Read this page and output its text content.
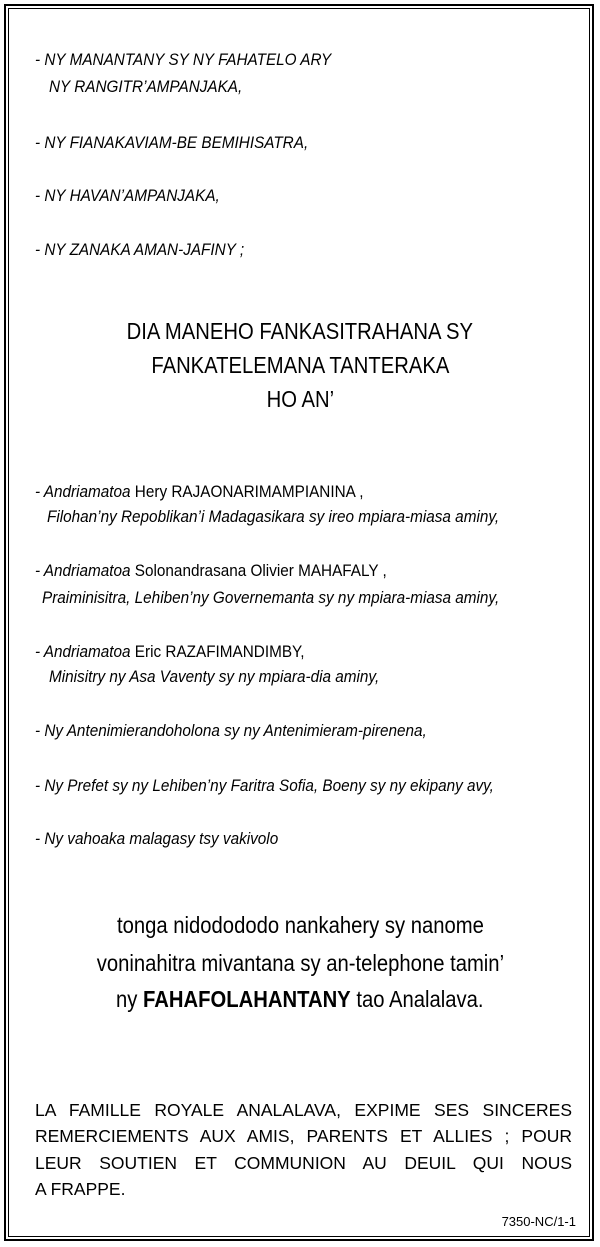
- NY MANANTANY SY NY FAHATELO ARY
NY RANGITR’AMPANJAKA,
- NY FIANAKAVIAM-BE BEMIHISATRA,
- NY HAVAN’AMPANJAKA,
- NY ZANAKA AMAN-JAFINY ;
DIA MANEHO FANKASITRAHANA SY
FANKATELEMANA TANTERAKA
HO AN’
- Andriamatoa Hery RAJAONARIMAMPIANINA ,
Filohan’ny Repoblikan’i Madagasikara sy ireo mpiara-miasa aminy,
- Andriamatoa Solonandrasana Olivier MAHAFALY ,
Praiminisitra, Lehiben’ny Governemanta sy ny mpiara-miasa aminy,
- Andriamatoa Eric RAZAFIMANDIMBY,
Minisitry ny Asa Vaventy sy ny mpiara-dia aminy,
- Ny Antenimierandoholona sy ny Antenimieram-pirenena,
- Ny Prefet sy ny Lehiben’ny Faritra Sofia, Boeny sy ny ekipany avy,
- Ny vahoaka malagasy tsy vakivolo
tonga nidodododo nankahery sy nanome
voninahitra mivantana sy an-telephone tamin’
ny FAHAFOLAHANTANY tao Analalava.
LA FAMILLE ROYALE ANALALAVA, EXPIME SES SINCERES
REMERCIEMENTS AUX AMIS, PARENTS ET ALLIES ; POUR
LEUR SOUTIEN ET COMMUNION AU DEUIL QUI NOUS
A FRAPPE.
7350-NC/1-1
